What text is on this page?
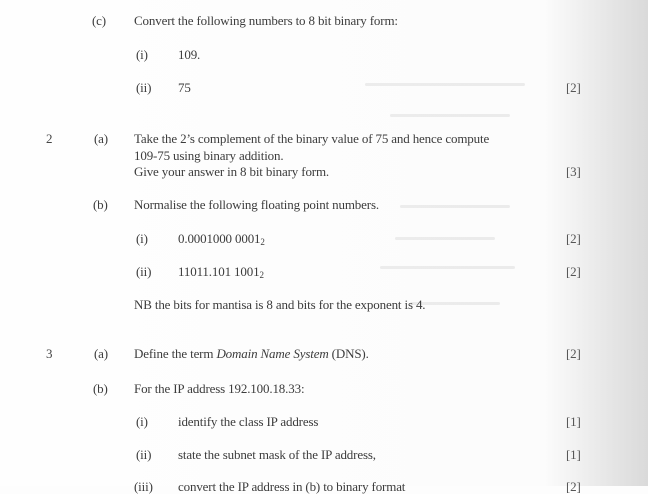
(c) Convert the following numbers to 8 bit binary form:
(i) 109.
(ii) 75	[2]
2	(a) Take the 2’s complement of the binary value of 75 and hence compute
109-75 using binary addition.
Give your answer in 8 bit binary form.	[3]
(b) Normalise the following floating point numbers.
(i) 0.0001000 $0001_2$	[2]
(ii) 11011.101 $1001_2$	[2]
NB the bits for mantisa is 8 and bits for the exponent is 4.
3	(a) Define the term Domain Name System (DNS).	[2]
(b) For the IP address 192.100.18.33:
(i) identify the class IP address	[1]
(ii) state the subnet mask of the IP address,	[1]
(iii) convert the IP address in (b) to binary format	[2]
